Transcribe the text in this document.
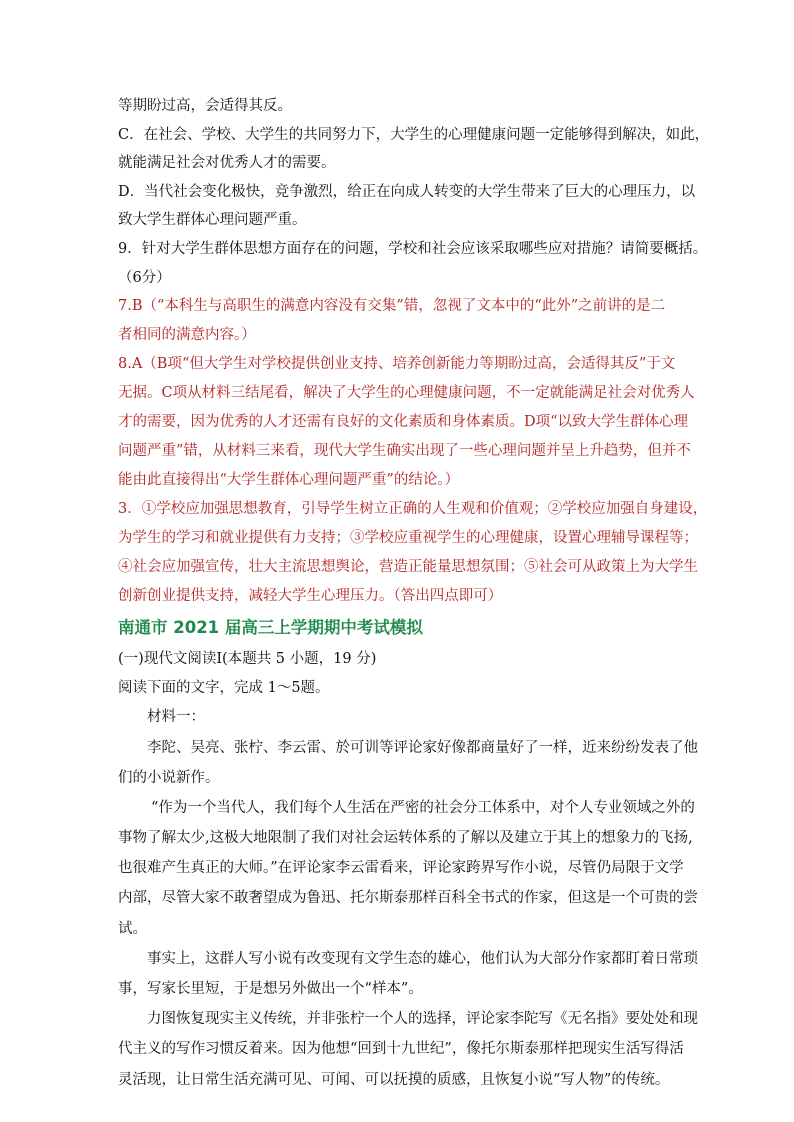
等期盼过高，会适得其反。
C．在社会、学校、大学生的共同努力下，大学生的心理健康问题一定能够得到解决，如此，
就能满足社会对优秀人才的需要。
D．当代社会变化极快，竞争激烈，给正在向成人转变的大学生带来了巨大的心理压力，以
致大学生群体心理问题严重。
9．针对大学生群体思想方面存在的问题，学校和社会应该采取哪些应对措施？请简要概括。
（6分）
7.B（“本科生与高职生的满意内容没有交集”错，忽视了文本中的“此外”之前讲的是二
者相同的满意内容。）
8.A（B项“但大学生对学校提供创业支持、培养创新能力等期盼过高，会适得其反”于文
无据。C项从材料三结尾看，解决了大学生的心理健康问题，不一定就能满足社会对优秀人
才的需要，因为优秀的人才还需有良好的文化素质和身体素质。D项“以致大学生群体心理
问题严重”错，从材料三来看，现代大学生确实出现了一些心理问题并呈上升趋势，但并不
能由此直接得出“大学生群体心理问题严重”的结论。）
3．①学校应加强思想教育，引导学生树立正确的人生观和价值观；②学校应加强自身建设，
为学生的学习和就业提供有力支持；③学校应重视学生的心理健康，设置心理辅导课程等；
④社会应加强宣传，壮大主流思想舆论，营造正能量思想氛围；⑤社会可从政策上为大学生
创新创业提供支持，减轻大学生心理压力。（答出四点即可）
南通市 2021 届高三上学期期中考试模拟
(一)现代文阅读Ⅰ(本题共 5 小题，19 分)
阅读下面的文字，完成 1～5题。
材料一：
李陀、吴亮、张柠、李云雷、於可训等评论家好像都商量好了一样，近来纷纷发表了他
们的小说新作。
“作为一个当代人，我们每个人生活在严密的社会分工体系中，对个人专业领域之外的
事物了解太少,这极大地限制了我们对社会运转体系的了解以及建立于其上的想象力的飞扬,
也很难产生真正的大师。”在评论家李云雷看来，评论家跨界写作小说，尽管仍局限于文学
内部，尽管大家不敢奢望成为鲁迅、托尔斯泰那样百科全书式的作家，但这是一个可贵的尝
试。
事实上，这群人写小说有改变现有文学生态的雄心，他们认为大部分作家都盯着日常琐
事，写家长里短，于是想另外做出一个“样本”。
力图恢复现实主义传统，并非张柠一个人的选择，评论家李陀写《无名指》要处处和现
代主义的写作习惯反着来。因为他想“回到十九世纪”，像托尔斯泰那样把现实生活写得活
灵活现，让日常生活充满可见、可闻、可以抚摸的质感，且恢复小说“写人物”的传统。
